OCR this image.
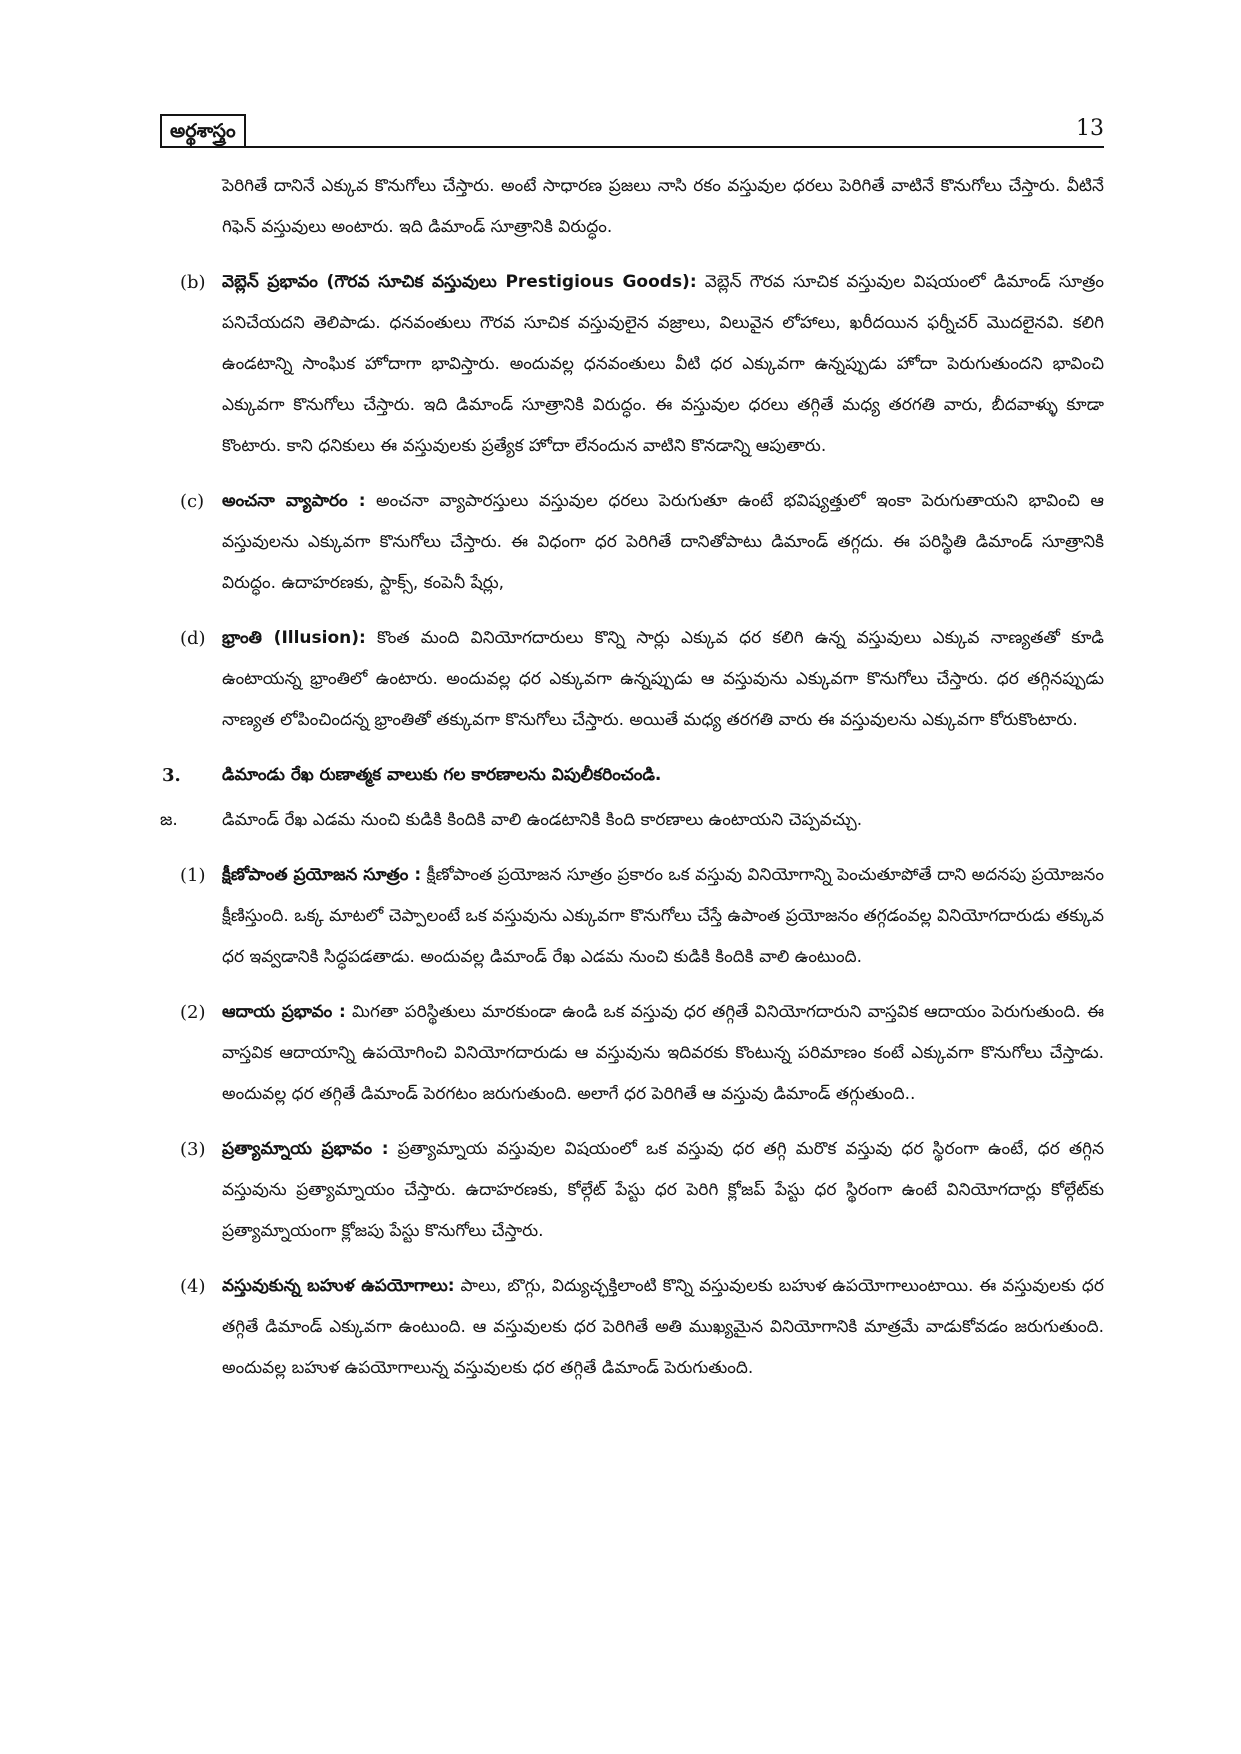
అర్థశాస్త్రం	13

పెరిగితే దానినే ఎక్కువ కొనుగోలు చేస్తారు. అంటే సాధారణ ప్రజలు నాసి రకం వస్తువుల ధరలు పెరిగితే వాటినే కొనుగోలు చేస్తారు. వీటినే గిఫెన్ వస్తువులు అంటారు. ఇది డిమాండ్ సూత్రానికి విరుద్ధం.

(b) వెబ్లెన్ ప్రభావం (గౌరవ సూచిక వస్తువులు Prestigious Goods): వెబ్లెన్ గౌరవ సూచిక వస్తువుల విషయంలో డిమాండ్ సూత్రం పనిచేయదని తెలిపాడు. ధనవంతులు గౌరవ సూచిక వస్తువులైన వజ్రాలు, విలువైన లోహాలు, ఖరీదయిన ఫర్నీచర్ మొదలైనవి. కలిగి ఉండటాన్ని సాంఘిక హోదాగా భావిస్తారు. అందువల్ల ధనవంతులు వీటి ధర ఎక్కువగా ఉన్నప్పుడు హోదా పెరుగుతుందని భావించి ఎక్కువగా కొనుగోలు చేస్తారు. ఇది డిమాండ్ సూత్రానికి విరుద్ధం. ఈ వస్తువుల ధరలు తగ్గితే మధ్య తరగతి వారు, బీదవాళ్ళు కూడా కొంటారు. కాని ధనికులు ఈ వస్తువులకు ప్రత్యేక హోదా లేనందున వాటిని కొనడాన్ని ఆపుతారు.
(c) అంచనా వ్యాపారం : అంచనా వ్యాపారస్తులు వస్తువుల ధరలు పెరుగుతూ ఉంటే భవిష్యత్తులో ఇంకా పెరుగుతాయని భావించి ఆ వస్తువులను ఎక్కువగా కొనుగోలు చేస్తారు. ఈ విధంగా ధర పెరిగితే దానితోపాటు డిమాండ్ తగ్గదు. ఈ పరిస్థితి డిమాండ్ సూత్రానికి విరుద్ధం. ఉదాహరణకు, స్టాక్స్, కంపెనీ షేర్లు,
(d) భ్రాంతి (Illusion): కొంత మంది వినియోగదారులు కొన్ని సార్లు ఎక్కువ ధర కలిగి ఉన్న వస్తువులు ఎక్కువ నాణ్యతతో కూడి ఉంటాయన్న భ్రాంతిలో ఉంటారు. అందువల్ల ధర ఎక్కువగా ఉన్నప్పుడు ఆ వస్తువును ఎక్కువగా కొనుగోలు చేస్తారు. ధర తగ్గినప్పుడు నాణ్యత లోపించిందన్న భ్రాంతితో తక్కువగా కొనుగోలు చేస్తారు. అయితే మధ్య తరగతి వారు ఈ వస్తువులను ఎక్కువగా కోరుకొంటారు.
3. డిమాండు రేఖ రుణాత్మక వాలుకు గల కారణాలను విపులీకరించండి.
జ.	డిమాండ్ రేఖ ఎడమ నుంచి కుడికి కిందికి వాలి ఉండటానికి కింది కారణాలు ఉంటాయని చెప్పవచ్చు.
(1) క్షీణోపాంత ప్రయోజన సూత్రం : క్షీణోపాంత ప్రయోజన సూత్రం ప్రకారం ఒక వస్తువు వినియోగాన్ని పెంచుతూపోతే దాని అదనపు ప్రయోజనం క్షీణిస్తుంది. ఒక్క మాటలో చెప్పాలంటే ఒక వస్తువును ఎక్కువగా కొనుగోలు చేస్తే ఉపాంత ప్రయోజనం తగ్గడంవల్ల వినియోగదారుడు తక్కువ ధర ఇవ్వడానికి సిద్ధపడతాడు. అందువల్ల డిమాండ్ రేఖ ఎడమ నుంచి కుడికి కిందికి వాలి ఉంటుంది.
(2) ఆదాయ ప్రభావం : మిగతా పరిస్థితులు మారకుండా ఉండి ఒక వస్తువు ధర తగ్గితే వినియోగదారుని వాస్తవిక ఆదాయం పెరుగుతుంది. ఈ వాస్తవిక ఆదాయాన్ని ఉపయోగించి వినియోగదారుడు ఆ వస్తువును ఇదివరకు కొంటున్న పరిమాణం కంటే ఎక్కువగా కొనుగోలు చేస్తాడు. అందువల్ల ధర తగ్గితే డిమాండ్ పెరగటం జరుగుతుంది. అలాగే ధర పెరిగితే ఆ వస్తువు డిమాండ్ తగ్గుతుంది..
(3) ప్రత్యామ్నాయ ప్రభావం : ప్రత్యామ్నాయ వస్తువుల విషయంలో ఒక వస్తువు ధర తగ్గి మరొక వస్తువు ధర స్థిరంగా ఉంటే, ధర తగ్గిన వస్తువును ప్రత్యామ్నాయం చేస్తారు. ఉదాహరణకు, కోల్గేట్ పేస్టు ధర పెరిగి క్లోజప్ పేస్టు ధర స్థిరంగా ఉంటే వినియోగదార్లు కోల్గేట్‌కు ప్రత్యామ్నాయంగా క్లోజపు పేస్టు కొనుగోలు చేస్తారు.
(4) వస్తువుకున్న బహుళ ఉపయోగాలు: పాలు, బొగ్గు, విద్యుచ్ఛక్తిలాంటి కొన్ని వస్తువులకు బహుళ ఉపయోగాలుంటాయి. ఈ వస్తువులకు ధర తగ్గితే డిమాండ్ ఎక్కువగా ఉంటుంది. ఆ వస్తువులకు ధర పెరిగితే అతి ముఖ్యమైన వినియోగానికి మాత్రమే వాడుకోవడం జరుగుతుంది. అందువల్ల బహుళ ఉపయోగాలున్న వస్తువులకు ధర తగ్గితే డిమాండ్ పెరుగుతుంది.
